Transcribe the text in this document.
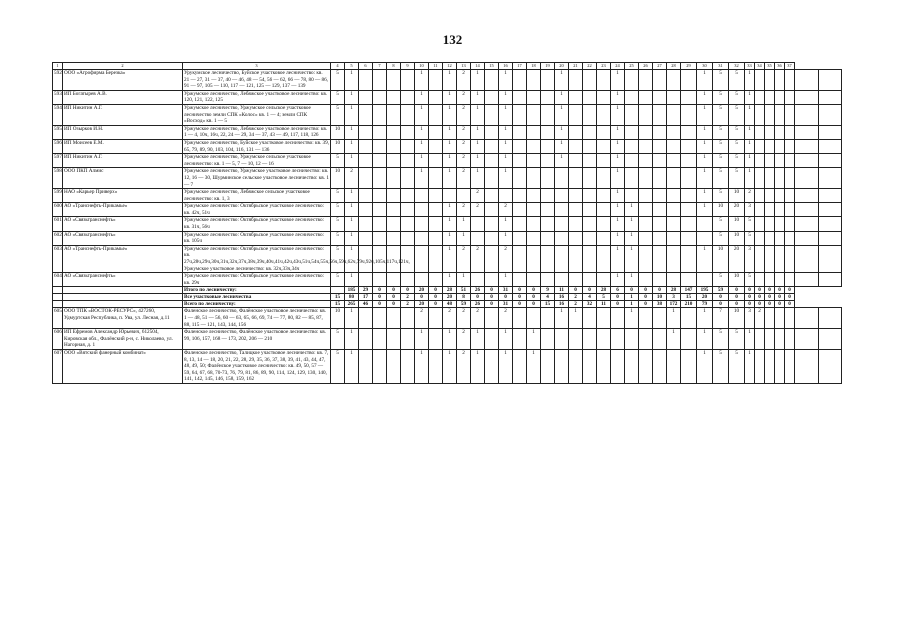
132
1	2	3	4	5	6	7	8	9	10	11	12	13	14	15	16	17	18	19	20	21	22	23	24	25	26	27	28	29	30	31	32	33	34	35	36	37		
592	ООО «Агрофирма Березка»	Урукумское лесничество, Буйское участковое лесничество: кв. 21 — 27, 31 — 37, 40 — 46, 48 — 54, 56 — 62, 66 — 78, 80 — 86, 91 — 97, 105 — 110, 117 — 121, 125 — 129, 137 — 139	5	1					1		1	2	1		1				1				1						1	5	5	1						
593	ИП Богатырев А.В.	Уржумское лесничество, Лебяжское участковое лесничество: кв. 120, 121, 122, 125	5	1					1		1	2	1		1				1				1						1	5	5	1						
594	ИП Никитин А.Г.	Уржумское лесничество, Уржумское сельское участковое лесничество земли СПК «Колос» кв. 1 — 4; земли СПК «Восход» кв. 1 — 5	5	1					1		1	2	1		1				1				1						1	5	5	1						
595	ИП Озырков И.Н.	Уржумское лесничество, Лебяжское участковое лесничество: кв. 1 — 4, 10ч, 16ч, 22, 24 — 29, 34 — 37, 43 — 49, 117, 118, 126	10	1					1		1	2	1		1				1				1						1	5	5	1						
596	ИП Моисеев Е.М.	Уржумское лесничество, Буйское участковое лесничество: кв. 39, 65, 79, 89, 90, 103, 104, 116, 131 — 136	10	1					1		1	2	1		1				1				1						1	5	5	1						
597	ИП Никитин А.Г.	Уржумское лесничество, Уржумское сельское участковое лесничество: кв. 1 — 5, 7 — 10, 12 — 16	5	1					1		1	2	1		1				1				1						1	5	5	1						
598	ООО ПКП Алмис	Уржумское лесничество, Уржумское участковое лесничество: кв. 12, 16 — 30, Шурминское сельское участковое лесничество: кв. 1 — 7	10	2					1		1	2	1		1								1						1	5	5	1						
599	НАО «Карьер Приверх»	Уржумское лесничество, Лебяжское сельское участковое лесничество: кв. 1, 3	5	1									2										1						1	5	10	2						
600	АО «Транснефть-Прикамье»	Уржумское лесничество: Октябрьское участковое лесничество: кв. 42ч, 51ч	5	1							1	2	2		2								1	1					1	10	20	3						
601	АО «Связьтранснефть»	Уржумское лесничество: Октябрьское участковое лесничество: кв. 31ч, 56ч	5	1							1	1			1								1	1						5	10	5						
602	АО «Связьтранснефть»	Уржумское лесничество: Октябрьское участковое лесничество: кв. 105ч	5	1							1	1			1								1	1						5	10	5						
603	АО «Транснефть-Прикамье»	Уржумское лесничество: Октябрьское участковое лесничество: кв. 27ч,28ч,29ч,30ч,31ч,32ч,37ч,38ч,39ч,40ч,41ч,42ч,43ч,51ч,54ч,55ч,56ч,59ч,62ч,79ч,92ч,105ч,117ч,121ч, Уржумское участковое лесничество: кв. 32ч,33ч,34ч	5	1							1	2	2		2								1	1					1	10	20	3						
604	АО «Связьтранснефть»	Уржумское лесничество: Октябрьское участковое лесничество: кв. 29ч	5	1							1	1			1								1	1						5	10	5						
		Итого по лесничеству:		185	29	0	0	0	20	0	28	51	26	0	31	0	0	9	11	0	0	28	6	0	0	0	28	147	195	59	0	0	0	0	0	0		
		Все участковые лесничества	15	80	17	0	0	2	0	0	20	8	0	0	0	0	0	4	16	2	4	5	0	1	0	10	3	15	20	0	0	0	0	0	0	0		
		Всего по лесничеству:	15	265	46	0	0	2	20	0	48	59	26	0	31	0	0	15	16	2	32	11	0	1	0	38	172	210	79	0	0	0	0	0	0	0		
605	ООО ТПК «ВОСТОК-РЕСУРС», 427260, Удмуртская Республика, п. Ува, ул. Лесная, д.11	Фаленское лесничество, Фалёнское участковое лесничество: кв. 1 — 48, 51 — 56, 60 — 63, 65, 66, 69, 74 — 77, 80, 82 — 85, 87, 88, 115 — 121, 143, 144, 156	10	1					2		2	2	2		2				1	1				1			1		1	7	10	3	2					
606	ИП Ефремов Александр Юрьевич, 612504, Кировская обл., Фалёнский р-н, с. Николаево, ул. Нагорная, д. 1	Фаленское лесничество, Фалёнское участковое лесничество: кв. 99, 106, 157, 168 — 173, 202, 206 — 210	5	1					1		1	2	1		1		1										1		1	5	5	1						
607	ООО «Вятский фанерный комбинат»	Фаленское лесничество, Талицкое участковое лесничество: кв. 7, 8, 13, 14 — 18, 20, 21, 22, 28, 29, 35, 36, 37, 38, 39, 41, 43, 44, 47, 48, 49, 50; Фалёнское участковое лесничество: кв. 49, 50, 57 — 59, 64, 67, 68, 70-73, 76, 79, 81, 86, 89, 90, 114, 124, 129, 130, 140, 141, 142, 145, 146, 158, 159, 162	5	1					1		1	2	1		1		1												1	5	5	1						
